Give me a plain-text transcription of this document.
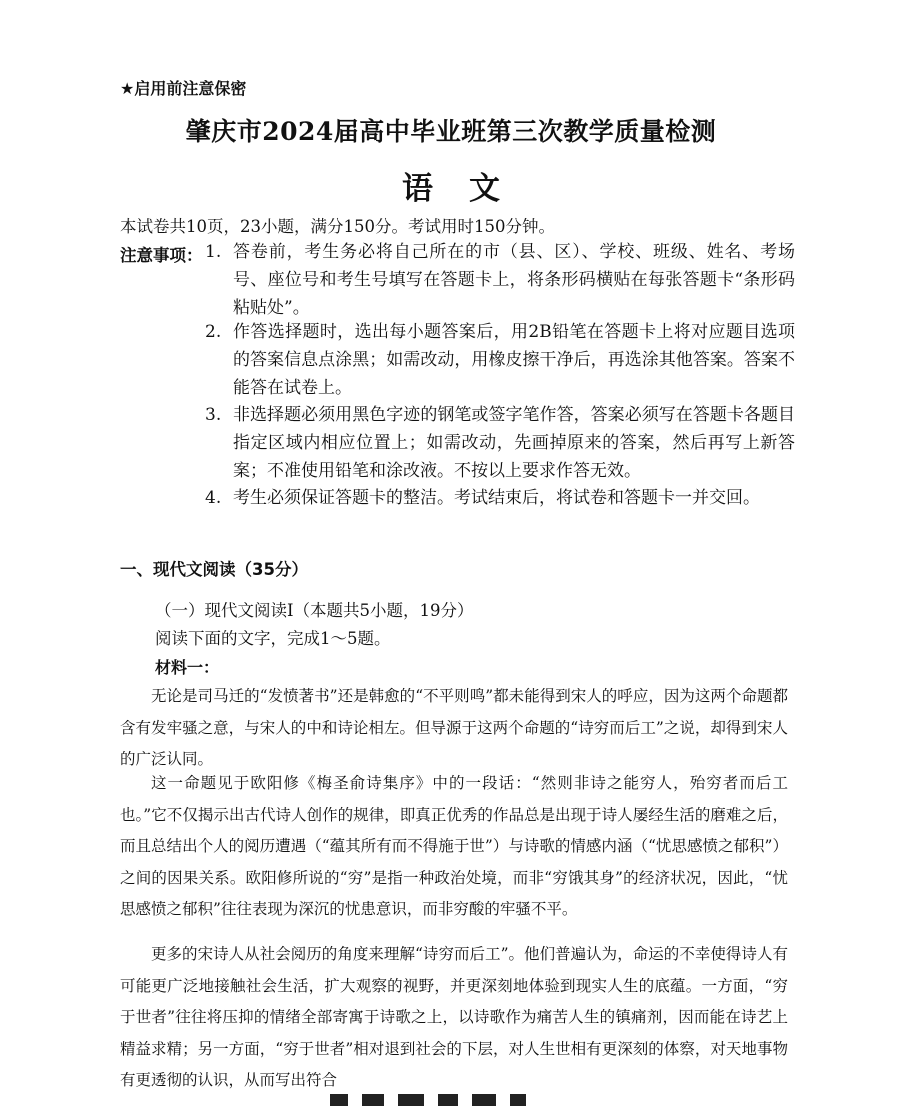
★启用前注意保密
肇庆市2024届高中毕业班第三次教学质量检测
语文
本试卷共10页，23小题，满分150分。考试用时150分钟。
注意事项： 1. 答卷前，考生务必将自己所在的市（县、区）、学校、班级、姓名、考场号、座位号和考生号填写在答题卡上，将条形码横贴在每张答题卡“条形码粘贴处”。
2. 作答选择题时，选出每小题答案后，用2B铅笔在答题卡上将对应题目选项的答案信息点涂黑；如需改动，用橡皮擦干净后，再选涂其他答案。答案不能答在试卷上。
3. 非选择题必须用黑色字迹的钢笔或签字笔作答，答案必须写在答题卡各题目指定区域内相应位置上；如需改动，先画掉原来的答案，然后再写上新答案；不准使用铅笔和涂改液。不按以上要求作答无效。
4. 考生必须保证答题卡的整洁。考试结束后，将试卷和答题卡一并交回。
一、现代文阅读（35分）
（一）现代文阅读Ⅰ（本题共5小题，19分）
阅读下面的文字，完成1～5题。
材料一：

无论是司马迁的“发愤著书”还是韩愈的“不平则鸣”都未能得到宋人的呼应，因为这两个命题都含有发牢骚之意，与宋人的中和诗论相左。但导源于这两个命题的“诗穷而后工”之说，却得到宋人的广泛认同。

这一命题见于欧阳修《梅圣俞诗集序》中的一段话：“然则非诗之能穷人，殆穷者而后工也。”它不仅揭示出古代诗人创作的规律，即真正优秀的作品总是出现于诗人屡经生活的磨难之后，而且总结出个人的阅历遭遇（“蕴其所有而不得施于世”）与诗歌的情感内涵（“忧思感愤之郁积”）之间的因果关系。欧阳修所说的“穷”是指一种政治处境，而非“穷饿其身”的经济状况，因此，“忧思感愤之郁积”往往表现为深沉的忧患意识，而非穷酸的牢骚不平。

更多的宋诗人从社会阅历的角度来理解“诗穷而后工”。他们普遍认为，命运的不幸使得诗人有可能更广泛地接触社会生活，扩大观察的视野，并更深刻地体验到现实人生的底蕴。一方面，“穷于世者”往往将压抑的情绪全部寄寓于诗歌之上，以诗歌作为痛苦人生的镇痛剂，因而能在诗艺上精益求精；另一方面，“穷于世者”相对退到社会的下层，对人生世相有更深刻的体察，对天地事物有更透彻的认识，从而写出符合
